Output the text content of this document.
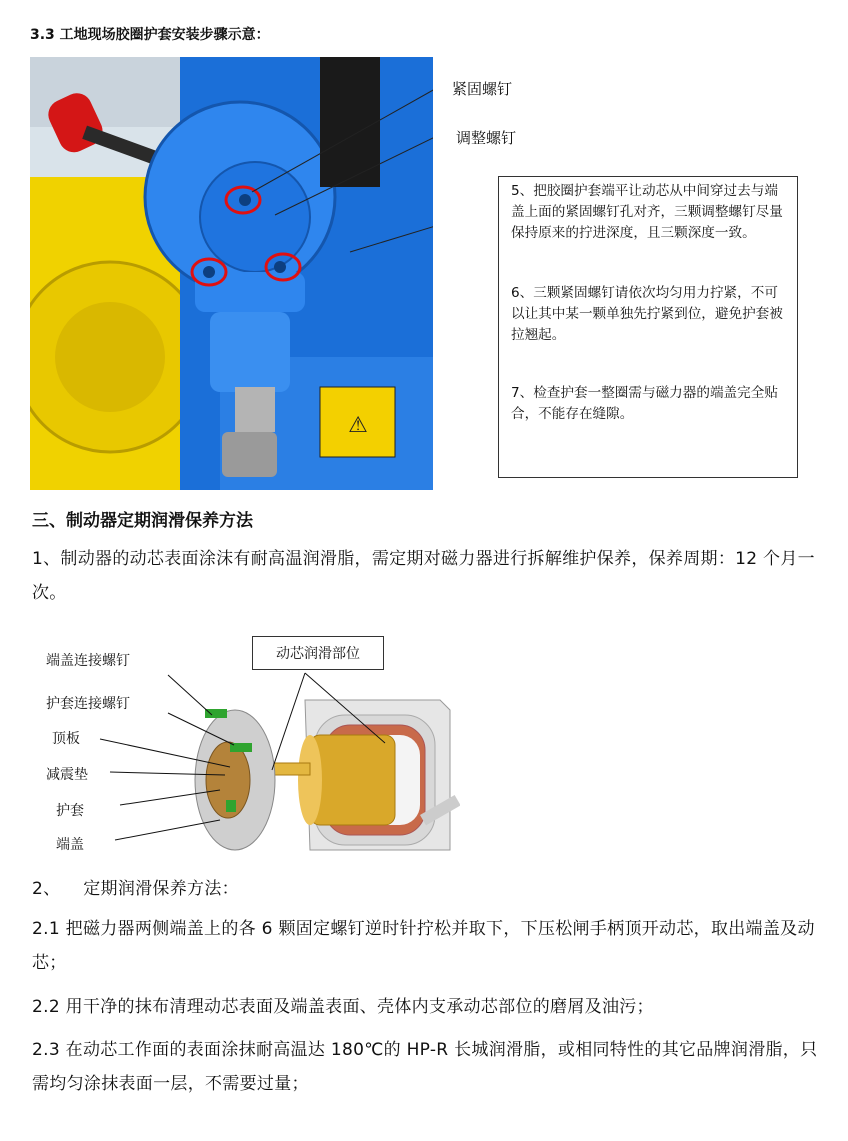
3.3 工地现场胶圈护套安装步骤示意：
⚠
紧固螺钉
调整螺钉
5、把胶圈护套端平让动芯从中间穿过去与端盖上面的紧固螺钉孔对齐，三颗调整螺钉尽量保持原来的拧进深度，且三颗深度一致。
6、三颗紧固螺钉请依次均匀用力拧紧，不可以让其中某一颗单独先拧紧到位，避免护套被拉翘起。
7、检查护套一整圈需与磁力器的端盖完全贴合，不能存在缝隙。
三、制动器定期润滑保养方法
1、制动器的动芯表面涂沫有耐高温润滑脂，需定期对磁力器进行拆解维护保养，保养周期：12 个月一次。
动芯润滑部位
端盖连接螺钉
护套连接螺钉
顶板
减震垫
护套
端盖
2、    定期润滑保养方法：
2.1 把磁力器两侧端盖上的各 6 颗固定螺钉逆时针拧松并取下，下压松闸手柄顶开动芯，取出端盖及动芯；
2.2 用干净的抹布清理动芯表面及端盖表面、壳体内支承动芯部位的磨屑及油污；
2.3 在动芯工作面的表面涂抹耐高温达 180℃的 HP-R 长城润滑脂，或相同特性的其它品牌润滑脂，只需均匀涂抹表面一层，不需要过量；
